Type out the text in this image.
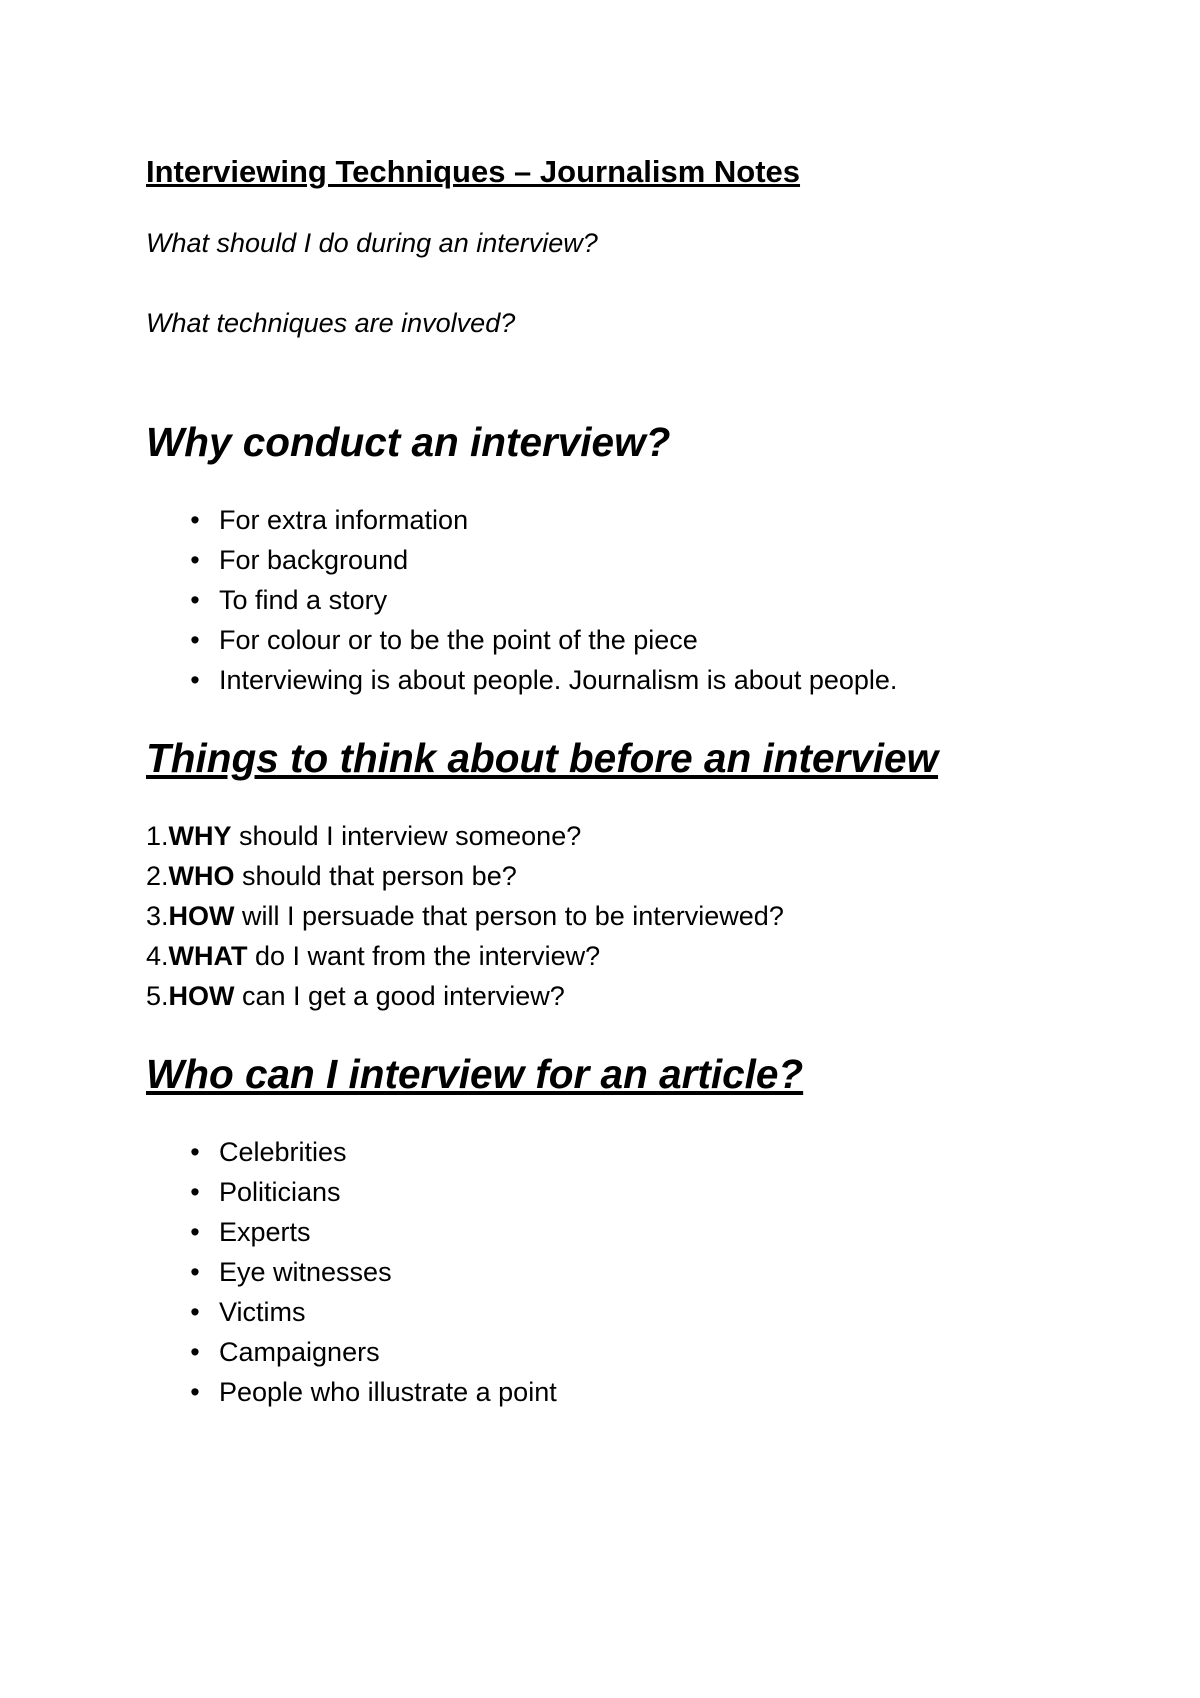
Interviewing Techniques – Journalism Notes

What should I do during an interview?

What techniques are involved?

Why conduct an interview?
• For extra information
• For background
• To find a story
• For colour or to be the point of the piece
• Interviewing is about people. Journalism is about people.
Things to think about before an interview
1.WHY should I interview someone?
2.WHO should that person be?
3.HOW will I persuade that person to be interviewed?
4.WHAT do I want from the interview?
5.HOW can I get a good interview?
Who can I interview for an article?
• Celebrities
• Politicians
• Experts
• Eye witnesses
• Victims
• Campaigners
• People who illustrate a point
